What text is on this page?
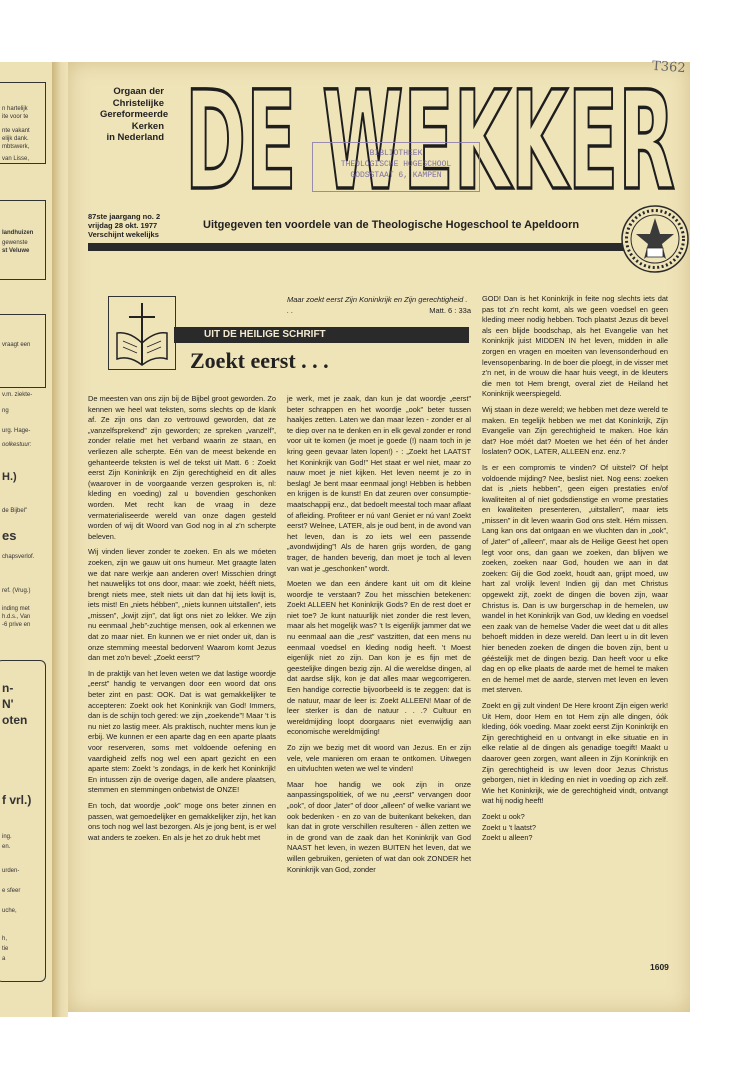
n hartelijk
ite voor te
nte vakant
elijk dank.
mbtswerk,
van Lisse,
landhuizen
gewenste
st Veluwe
vraagt een
v.m. ziekte-
ng
urg. Hage-
oolkestuur:
H.)
de Bijbel"
es
chapsverlof.
ref. (Vrug.)
inding met
h.d.s., Van
-6 prive en
n-
N'
oten
f vrl.)
ing.
en.
urden-
e sfeer
uche,
h,
tie
a
Orgaan der
Christelijke
Gereformeerde
Kerken
in Nederland DE WEKKER
BIBLIOTHEEK
THEOLOGISCHE HOGESCHOOL
GODSSTAAT 6, KAMPEN
T362
87ste jaargang no. 2
vrijdag 28 okt. 1977
Verschijnt wekelijks
Uitgegeven ten voordele van de Theologische Hogeschool te Apeldoorn
Maar zoekt eerst Zijn Koninkrijk en Zijn gerechtigheid . . .	Matt. 6 : 33a
UIT DE HEILIGE SCHRIFT
Zoekt eerst . . .

De meesten van ons zijn bij de Bijbel groot geworden. Zo kennen we heel wat teksten, soms slechts op de klank af. Ze zijn ons dan zo vertrouwd geworden, dat ze „vanzelfsprekend” zijn geworden; ze spreken „vanzelf”, zonder relatie met het verband waarin ze staan, en verliezen alle scherpte. Eén van de meest bekende en gehanteerde teksten is wel de tekst uit Matt. 6 : Zoekt eerst Zijn Koninkrijk en Zijn gerechtigheid en dit alles (waarover in de voorgaande verzen gesproken is, nl: kleding en voeding) zal u bovendien geschonken worden. Met recht kan de vraag in deze vermaterialiseerde wereld van onze dagen gesteld worden of wij dit Woord van God nog in al z'n scherpte beleven.

Wij vinden liever zonder te zoeken. En als we móeten zoeken, zijn we gauw uit ons humeur. Met graagte laten we dat nare werkje aan anderen over! Misschien dringt het nauwelijks tot ons door, maar: wie zoekt, hééft niets, brengt niets mee, stelt niets uit dan dat hij iets kwijt is, iets mist! En „niets hébben”, „niets kunnen uitstallen”, iets „missen”, „kwijt zijn”, dat ligt ons niet zo lekker. We zijn nu eenmaal „heb”-zuchtige mensen, ook al erkennen we dat zo maar niet. En kunnen we er niet onder uit, dan is onze stemming meestal bedorven! Waarom komt Jezus dan met zo'n bevel: „Zoekt eerst”?

In de praktijk van het leven weten we dat lastige woordje „eerst” handig te vervangen door een woord dat ons beter zint en past: OOK. Dat is wat gemakkelijker te accepteren: Zoekt ook het Koninkrijk van God! Immers, dan is de schijn toch gered: we zijn „zoekende”! Maar 't is nu niet zo lastig meer. Als praktisch, nuchter mens kun je erbij. We kunnen er een aparte dag en een aparte plaats voor reserveren, soms met voldoende oefening en vaardigheid zelfs nog wel een apart gezicht en een aparte stem: Zoekt 's zondags, in de kerk het Koninkrijk! En intussen zijn de overige dagen, alle andere plaatsen, stemmen en stemmingen onbetwist de ONZE!

En toch, dat woordje „ook” moge ons beter zinnen en passen, wat gemoedelijker en gemakkelijker zijn, het kan ons toch nog wel last bezorgen. Als je jong bent, is er wel wat anders te zoeken. En als je het zo druk hebt met

je werk, met je zaak, dan kun je dat woordje „eerst” beter schrappen en het woordje „ook” beter tussen haakjes zetten. Laten we dan maar lezen - zonder er al te diep over na te denken en in elk geval zonder er rond voor uit te komen (je moet je goede (!) naam toch in je kring geen gevaar laten lopen!) - : „Zoekt het LAATST het Koninkrijk van God!” Het staat er wel niet, maar zo nauw moet je niet kijken. Het leven neemt je zo in beslag! Je bent maar eenmaal jong! Hebben is hebben en krijgen is de kunst! En dat zeuren over consumptie-maatschappij enz., dat bedoelt meestal toch maar aflaat of afleiding. Profiteer er nú van! Geniet er nú van! Zoekt eerst? Welnee, LATER, als je oud bent, in de avond van het leven, dan is zo iets wel een passende „avondwijding”! Als de haren grijs worden, de gang trager, de handen beverig, dan moet je toch al leven van wat je „geschonken” wordt.

Moeten we dan een ándere kant uit om dit kleine woordje te verstaan? Zou het misschien betekenen: Zoekt ALLEEN het Koninkrijk Gods? En de rest doet er niet toe? Je kunt natuurlijk niet zonder die rest leven, maar als het mogelijk was? 't Is eigenlijk jammer dat we nu eenmaal aan die „rest” vastzitten, dat een mens nu eenmaal voedsel en kleding nodig heeft. 't Moest eigenlijk niet zo zijn. Dan kon je es fijn met de geestelijke dingen bezig zijn. Al die wereldse dingen, al dat aardse slijk, kon je dat alles maar wegcorrigeren. Een handige correctie bijvoorbeeld is te zeggen: dat is de natuur, maar de leer is: Zoekt ALLEEN! Maar of de leer sterker is dan de natuur . . .? Cultuur en wereldmijding loopt doorgaans niet evenwijdig aan economische wereldmijding!

Zo zijn we bezig met dit woord van Jezus. En er zijn vele, vele manieren om eraan te ontkomen. Uitwegen en uitvluchten weten we wel te vinden!

Maar hoe handig we ook zijn in onze aanpassingspolitiek, of we nu „eerst” vervangen door „ook”, of door „later” of door „alleen” of welke variant we ook bedenken - en zo van de buitenkant bekeken, dan kan dat in grote verschillen resulteren - állen zetten we in de grond van de zaak dan het Koninkrijk van God NAAST het leven, in wezen BUITEN het leven, dat we willen gebruiken, genieten of wat dan ook ZONDER het Koninkrijk van God, zonder

GOD! Dan is het Koninkrijk in feite nog slechts iets dat pas tot z'n recht komt, als we geen voedsel en geen kleding meer nodig hebben. Toch plaatst Jezus dit bevel als een blijde boodschap, als het Evangelie van het Koninkrijk juist MIDDEN IN het leven, midden in alle zorgen en vragen en moeiten van levensonderhoud en levensopenbaring. In de boer die ploegt, in de visser met z'n net, in de vrouw die haar huis veegt, in de kleuters die men tot Hem brengt, overal ziet de Heiland het Koninkrijk weerspiegeld.

Wij staan in deze wereld; we hebben met deze wereld te maken. En tegelijk hebben we met dat Koninkrijk, Zijn Evangelie van Zijn gerechtigheid te maken. Hoe kán dat? Hoe móét dat? Moeten we het één of het ánder loslaten? OOK, LATER, ALLEEN enz. enz.?

Is er een compromis te vinden? Of uitstel? Of helpt voldoende mijding? Nee, beslist niet. Nog eens: zoeken dat is „niets hebben”, geen eigen prestaties en/of kwaliteiten al of niet godsdienstige en vrome prestaties en kwaliteiten presenteren, „uitstallen”, maar iets „missen” in dit leven waarin God ons stelt. Hém missen. Lang kan ons dat ontgaan en we vluchten dan in „ook”, of „later” of „alleen”, maar als de Heilige Geest het open legt voor ons, dan gaan we zoeken, dan blijven we zoeken, zoeken naar God, houden we aan in dat zoeken: Gij die God zoekt, houdt aan, grijpt moed, uw hart zal vrolijk leven! Indien gij dan met Christus opgewekt zijt, zoekt de dingen die boven zijn, waar Christus is. Dan is uw burgerschap in de hemelen, uw wandel in het Koninkrijk van God, uw kleding en voedsel een zaak van de hemelse Vader die weet dat u dit alles behoeft midden in deze wereld. Dan leert u in dit leven hier beneden zoeken de dingen die boven zijn, bent u gééstelijk met de dingen bezig. Dan heeft voor u elke dag en op elke plaats de aarde met de hemel te maken en de hemel met de aarde, sterven met leven en leven met sterven.

Zoekt en gij zult vinden! De Here kroont Zijn eigen werk! Uit Hem, door Hem en tot Hem zijn alle dingen, óók kleding, óók voeding. Maar zoekt eerst Zijn Koninkrijk en Zijn gerechtigheid en u ontvangt in elke situatie en in elke relatie al de dingen als genadige toegift! Maakt u daarover geen zorgen, want alleen in Zijn Koninkrijk en Zijn gerechtigheid is uw leven door Jezus Christus geborgen, niet in kleding en niet in voeding op zich zelf. Wie het Koninkrijk, wie de gerechtigheid vindt, ontvangt wat hij nodig heeft!

Zoekt u ook?

Zoekt u 't laatst?

Zoekt u alleen?

1609
